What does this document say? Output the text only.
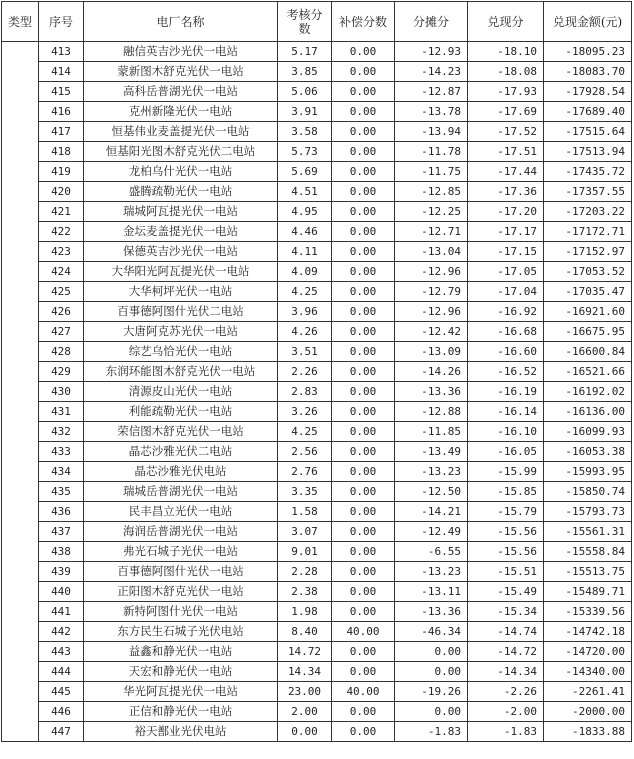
类型	序号	电厂名称	考核分数	补偿分数	分摊分	兑现分	兑现金额(元)
	413	融信英吉沙光伏一电站	5.17	0.00	-12.93	-18.10	-18095.23
	414	蒙新图木舒克光伏一电站	3.85	0.00	-14.23	-18.08	-18083.70
	415	高科岳普湖光伏一电站	5.06	0.00	-12.87	-17.93	-17928.54
	416	克州新隆光伏一电站	3.91	0.00	-13.78	-17.69	-17689.40
	417	恒基伟业麦盖提光伏一电站	3.58	0.00	-13.94	-17.52	-17515.64
	418	恒基阳光图木舒克光伏二电站	5.73	0.00	-11.78	-17.51	-17513.94
	419	龙柏乌什光伏一电站	5.69	0.00	-11.75	-17.44	-17435.72
	420	盛腾疏勒光伏一电站	4.51	0.00	-12.85	-17.36	-17357.55
	421	瑞城阿瓦提光伏一电站	4.95	0.00	-12.25	-17.20	-17203.22
	422	金坛麦盖提光伏一电站	4.46	0.00	-12.71	-17.17	-17172.71
	423	保德英吉沙光伏一电站	4.11	0.00	-13.04	-17.15	-17152.97
	424	大华阳光阿瓦提光伏一电站	4.09	0.00	-12.96	-17.05	-17053.52
	425	大华柯坪光伏一电站	4.25	0.00	-12.79	-17.04	-17035.47
	426	百事德阿图什光伏二电站	3.96	0.00	-12.96	-16.92	-16921.60
	427	大唐阿克苏光伏一电站	4.26	0.00	-12.42	-16.68	-16675.95
	428	综艺乌恰光伏一电站	3.51	0.00	-13.09	-16.60	-16600.84
	429	东润环能图木舒克光伏一电站	2.26	0.00	-14.26	-16.52	-16521.66
	430	清源皮山光伏一电站	2.83	0.00	-13.36	-16.19	-16192.02
	431	利能疏勒光伏一电站	3.26	0.00	-12.88	-16.14	-16136.00
	432	荣信图木舒克光伏一电站	4.25	0.00	-11.85	-16.10	-16099.93
	433	晶芯沙雅光伏二电站	2.56	0.00	-13.49	-16.05	-16053.38
	434	晶芯沙雅光伏电站	2.76	0.00	-13.23	-15.99	-15993.95
	435	瑞城岳普湖光伏一电站	3.35	0.00	-12.50	-15.85	-15850.74
	436	民丰昌立光伏一电站	1.58	0.00	-14.21	-15.79	-15793.73
	437	海润岳普湖光伏一电站	3.07	0.00	-12.49	-15.56	-15561.31
	438	弗光石城子光伏一电站	9.01	0.00	-6.55	-15.56	-15558.84
	439	百事德阿图什光伏一电站	2.28	0.00	-13.23	-15.51	-15513.75
	440	正阳图木舒克光伏一电站	2.38	0.00	-13.11	-15.49	-15489.71
	441	新特阿图什光伏一电站	1.98	0.00	-13.36	-15.34	-15339.56
	442	东方民生石城子光伏电站	8.40	40.00	-46.34	-14.74	-14742.18
	443	益鑫和静光伏一电站	14.72	0.00	0.00	-14.72	-14720.00
	444	天宏和静光伏一电站	14.34	0.00	0.00	-14.34	-14340.00
	445	华光阿瓦提光伏一电站	23.00	40.00	-19.26	-2.26	-2261.41
	446	正信和静光伏一电站	2.00	0.00	0.00	-2.00	-2000.00
	447	裕天鄯业光伏电站	0.00	0.00	-1.83	-1.83	-1833.88
